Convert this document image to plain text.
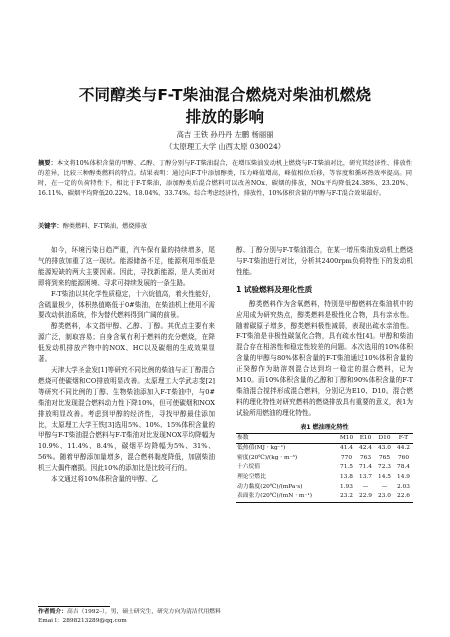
不同醇类与F-T柴油混合燃烧对柴油机燃烧
排放的影响
高吉 王铁 孙丹丹 左鹏 杨丽丽
（太原理工大学 山西太原 030024）
摘要：本文将10%体积含量的甲醇、乙醇、丁醇分别与F-T柴油混合，在增压柴油发动机上燃烧与F-T柴油对比，研究其经济性、排放性的差异，比较三种醇类燃料的特点。结果表明：通过向F-T中添加醇类，压力峰值增高，峰值相位后移，等容度和循环热效率提高。同时，在一定的负荷特性下，相比于F-T柴油，添加醇类后混合燃料可以改善NOx、碳烟的排放，NOx平均降低24.38%、23.20%、16.11%，碳烟平均降低20.22%、18.04%、33.74%。综合考虑经济性，排放性，10%体积含量的甲醇与F-T混合效果最好。
关键字：醇类燃料、F-T柴油，燃烧排放

如今，环境污染日趋严重，汽车保有量的持续增多，尾气的排放加重了这一现状。能源储备不足，能源利用率低是能源短缺的两大主要因素。因此，寻找新能源，是人类面对即将到来的能源困境、寻求可持续发展的一条生路。

F-T柴油以其化学性质稳定，十六烷值高，着火性能好，含硫量极少，体积热值略低于0#柴油，在柴油机上使用不需要改动供油系统，作为替代燃料得到广阔的前景。

醇类燃料，本文指甲醇、乙醇、丁醇。其优点主要有来源广泛，制取容易；自身含氧有利于燃料的充分燃烧，在降低发动机排放产物中的NOX、HC以及碳烟的生成效果显著。

天津大学圣金发[1]等研究不同比例的柴油与正丁醇混合燃烧可使碳烟和CO排放明显改善。太原理工大学武志斐[2]等研究不同比例的丁醇、生物柴油添加入F-T柴油中，与0#柴油对比发现混合燃料动力性下降10%，但可使碳烟和NOX排放明显改善。考虑到甲醇的经济性，寻找甲醇最佳添加比，太原理工大学王铁[3]选用5%、10%、15%体积含量的甲醇与F-T柴油混合燃料与F-T柴油对比发现NOX平均降幅为10.9%、11.4%、8.4%，碳烟平均降幅为5%、31%、56%。随着甲醇添加量增多，混合燃料黏度降低，加剧柴油机三大偶件磨损。因此10%的添加比是比较可行的。

本文通过将10%体积含量的甲醇、乙

醇、丁醇分别与F-T柴油混合，在某一增压柴油发动机上燃烧与F-T柴油进行对比，分析其2400rpm负荷特性下的发动机性能。

1 试验燃料及理化性质

醇类燃料作为含氧燃料，特别是甲醇燃料在柴油机中的应用成为研究热点，醇类燃料是极性化合物，具有亲水性。随着碳原子增多，醇类燃料极性减弱，表现出疏水亲油性。F-T柴油是非极性碳氢化合物，具有疏水性[4]。甲醇和柴油混合存在相溶性和稳定性较差的问题。本次选用的10%体积含量的甲醇与80%体积含量的F-T柴油通过10%体积含量的正癸醇作为助溶剂混合达到均一稳定的混合燃料，记为M10。而10%体积含量的乙醇和丁醇和90%体积含量的F-T柴油混合搅拌形成混合燃料，分别记为E10、D10。混合燃料的理化特性对研究燃料的燃烧排放具有重要的意义，表1为试验所用燃油的理化特性。

表1 燃油理化特性
参数	M10	E10	D10	F-T
低热值(MJ · kg⁻¹)	41.4	42.4	43.0	44.2
密度(20℃)/(kg · m⁻³)	770	763	765	760
十六烷值	71.5	71.4	72.3	78.4
理论空燃比	13.8	13.7	14.5	14.9
动力黏度(20℃)/(mPa·s)	1.93	—	—	2.03
表面张力(20℃)/(mN · m⁻¹)	23.2	22.9	23.0	22.6
作者简介：高吉（1992–），男，硕士研究生，研究方向为清洁代用燃料
Emai l：2898213289@qq.com
